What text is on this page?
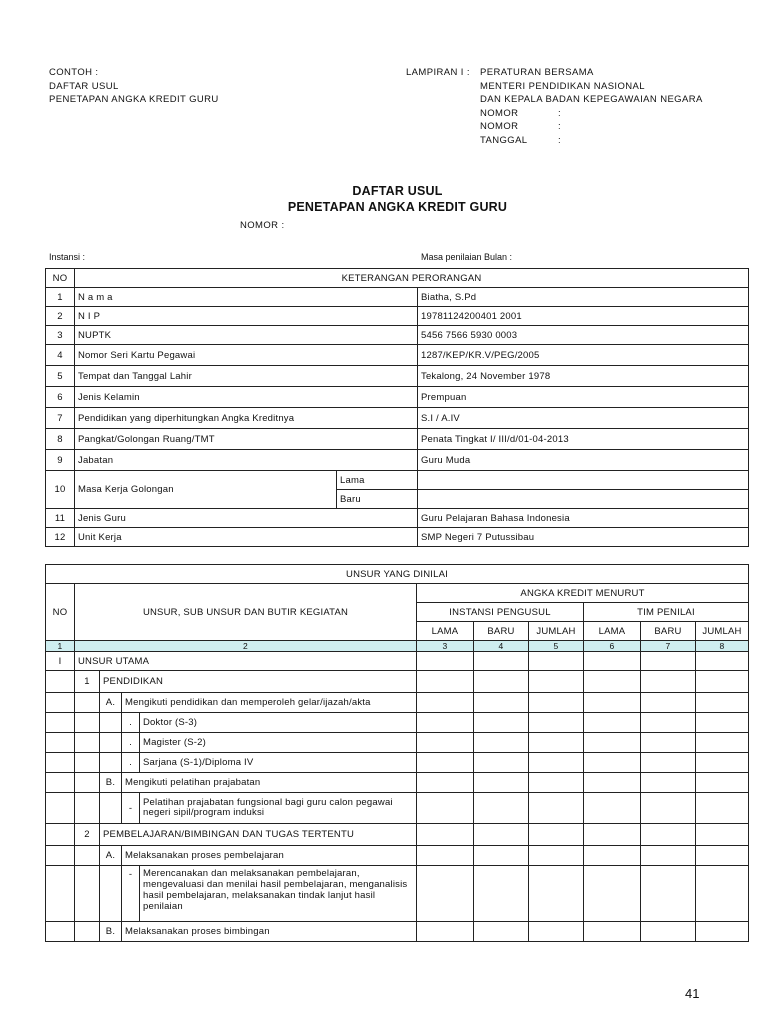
CONTOH :
DAFTAR USUL
PENETAPAN ANGKA KREDIT GURU
LAMPIRAN I :	PERATURAN BERSAMA
MENTERI PENDIDIKAN NASIONAL
DAN KEPALA BADAN KEPEGAWAIAN NEGARA
NOMOR	:
NOMOR	:
TANGGAL	:
DAFTAR USUL
PENETAPAN ANGKA KREDIT GURU
NOMOR :
Instansi :	Masa penilaian Bulan :
NO	KETERANGAN PERORANGAN		
1	N a m a		Biatha, S.Pd
2	N I P		19781124200401 2001
3	NUPTK		5456 7566 5930 0003
4	Nomor Seri Kartu Pegawai		1287/KEP/KR.V/PEG/2005
5	Tempat dan Tanggal Lahir		Tekalong, 24 November 1978
6	Jenis Kelamin		Prempuan
7	Pendidikan yang diperhitungkan Angka Kreditnya		S.I / A.IV
8	Pangkat/Golongan Ruang/TMT		Penata Tingkat I/ III/d/01-04-2013
9	Jabatan		Guru Muda
10	Masa Kerja Golongan	Lama	
		Baru	
11	Jenis Guru		Guru Pelajaran Bahasa Indonesia
12	Unit Kerja		SMP Negeri 7 Putussibau
UNSUR YANG DINILAI										
NO	UNSUR, SUB UNSUR DAN BUTIR KEGIATAN				ANGKA KREDIT MENURUT					
					INSTANSI PENGUSUL			TIM PENILAI		
					LAMA	BARU	JUMLAH	LAMA	BARU	JUMLAH
1	2				3	4	5	6	7	8
I	UNSUR UTAMA									
	1	PENDIDIKAN								
		A.	Mengikuti pendidikan dan memperoleh gelar/ijazah/akta							
			.	Doktor (S-3)						
			.	Magister (S-2)						
			.	Sarjana (S-1)/Diploma IV						
		B.	Mengikuti pelatihan prajabatan							
			-	Pelatihan prajabatan fungsional bagi guru calon pegawai negeri sipil/program induksi						
	2	PEMBELAJARAN/BIMBINGAN DAN TUGAS TERTENTU								
		A.	Melaksanakan proses pembelajaran							
			-	Merencanakan dan melaksanakan pembelajaran, mengevaluasi dan menilai hasil pembelajaran, menganalisis hasil pembelajaran, melaksanakan tindak lanjut hasil penilaian						
		B.	Melaksanakan proses bimbingan							
41
